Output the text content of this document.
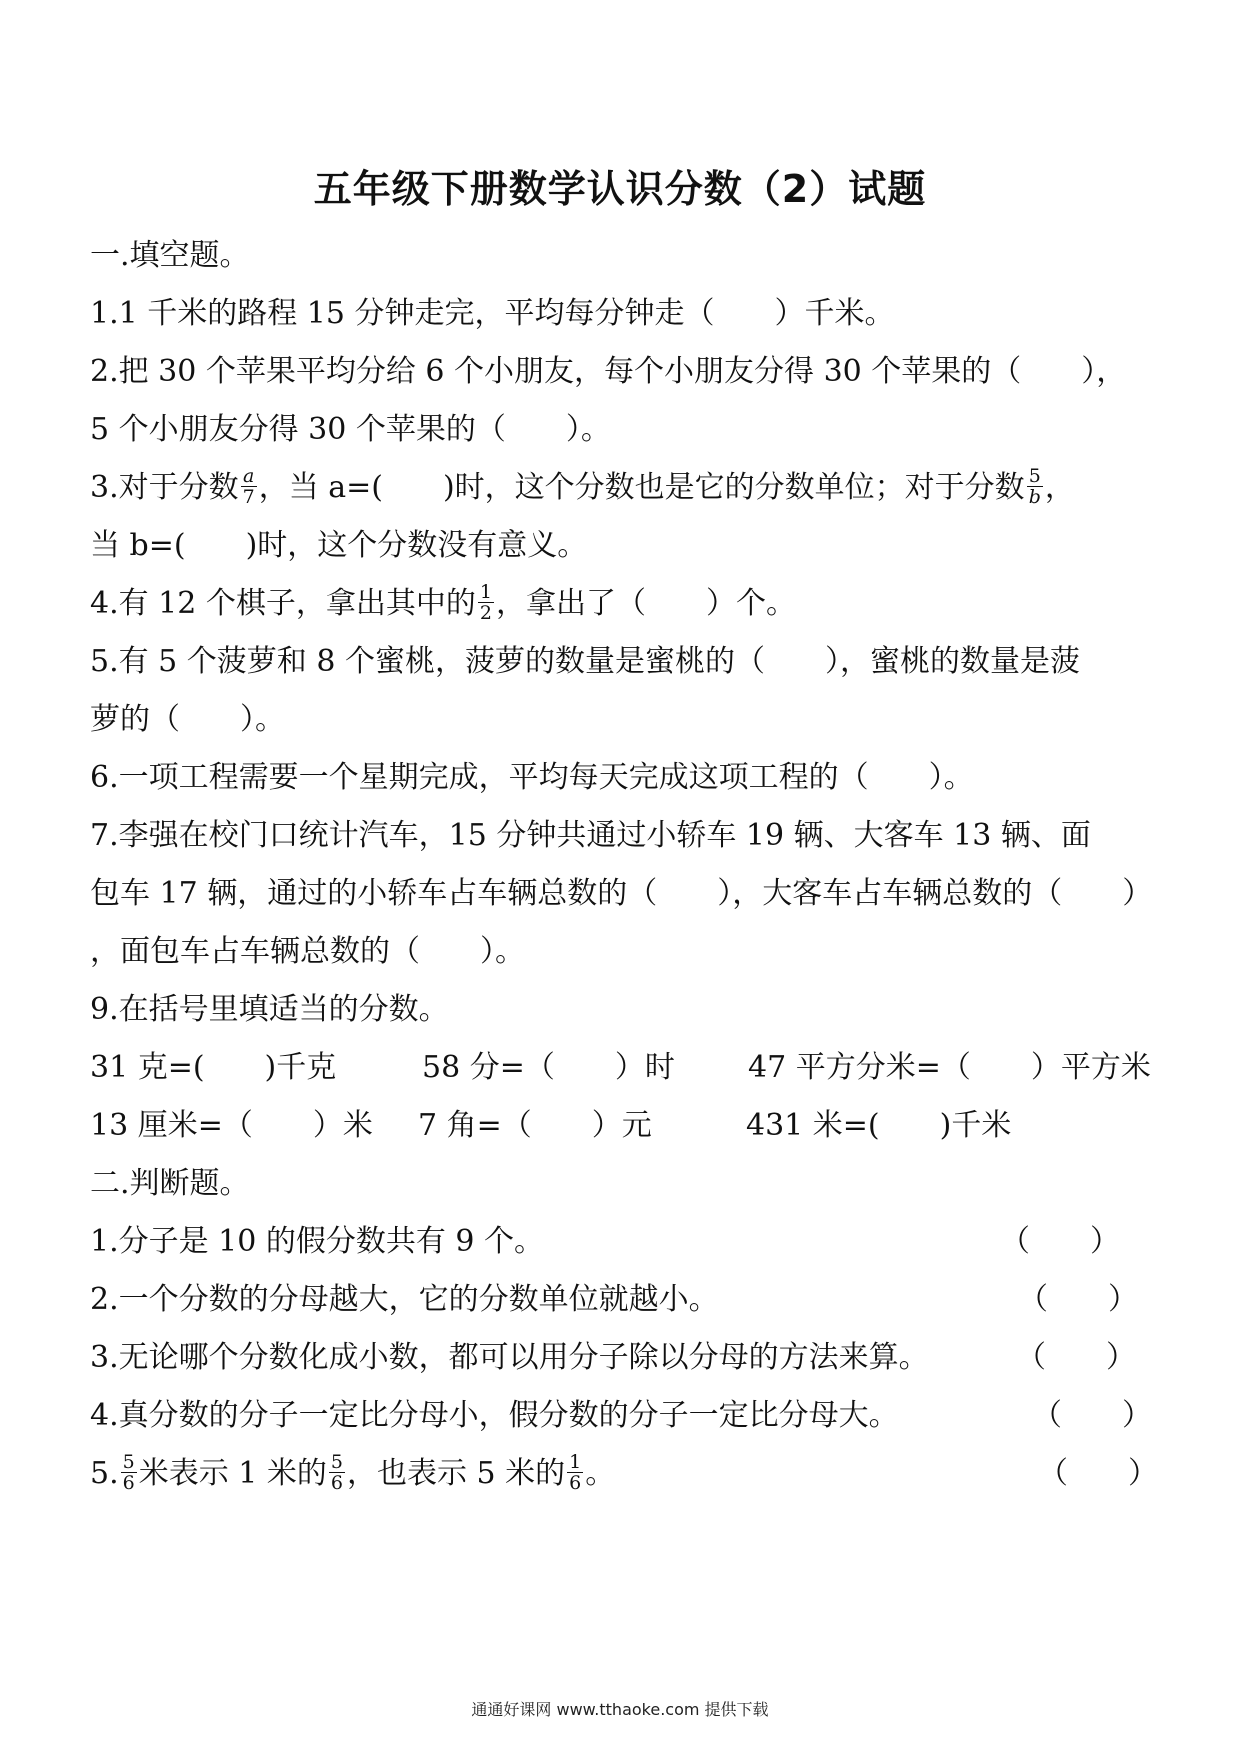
五年级下册数学认识分数（2）试题
一.填空题。
1.1 千米的路程 15 分钟走完，平均每分钟走（　　）千米。
2.把 30 个苹果平均分给 6 个小朋友，每个小朋友分得 30 个苹果的（　　），
5 个小朋友分得 30 个苹果的（　　）。
3.对于分数 $\frac{a}{7}$ ，当 a=(　　)时，这个分数也是它的分数单位；对于分数 $\frac{5}{b}$ ，
当 b=(　　)时，这个分数没有意义。
4.有 12 个棋子，拿出其中的 $\frac{1}{2}$ ，拿出了（　　）个。
5.有 5 个菠萝和 8 个蜜桃，菠萝的数量是蜜桃的（　　），蜜桃的数量是菠
萝的（　　）。
6.一项工程需要一个星期完成，平均每天完成这项工程的（　　）。
7.李强在校门口统计汽车，15 分钟共通过小轿车 19 辆、大客车 13 辆、面
包车 17 辆，通过的小轿车占车辆总数的（　　），大客车占车辆总数的（　　）
，面包车占车辆总数的（　　）。
9.在括号里填适当的分数。
31 克=(　　)千克	58 分=（　　）时 47 平方分米=（　　）平方米
13 厘米=（　　）米 7 角=（　　）元	431 米=(　　)千米
二.判断题。
1.分子是 10 的假分数共有 9 个。	（　　）
2.一个分数的分母越大，它的分数单位就越小。	（　　）
3.无论哪个分数化成小数，都可以用分子除以分母的方法来算。	（　　）
4.真分数的分子一定比分母小，假分数的分子一定比分母大。	（　　）
5. $\frac{5}{6}$ 米表示 1 米的 $\frac{5}{6}$ ，也表示 5 米的 $\frac{1}{6}$ 。	（　　）
通通好课网 www.tthaoke.com 提供下载
